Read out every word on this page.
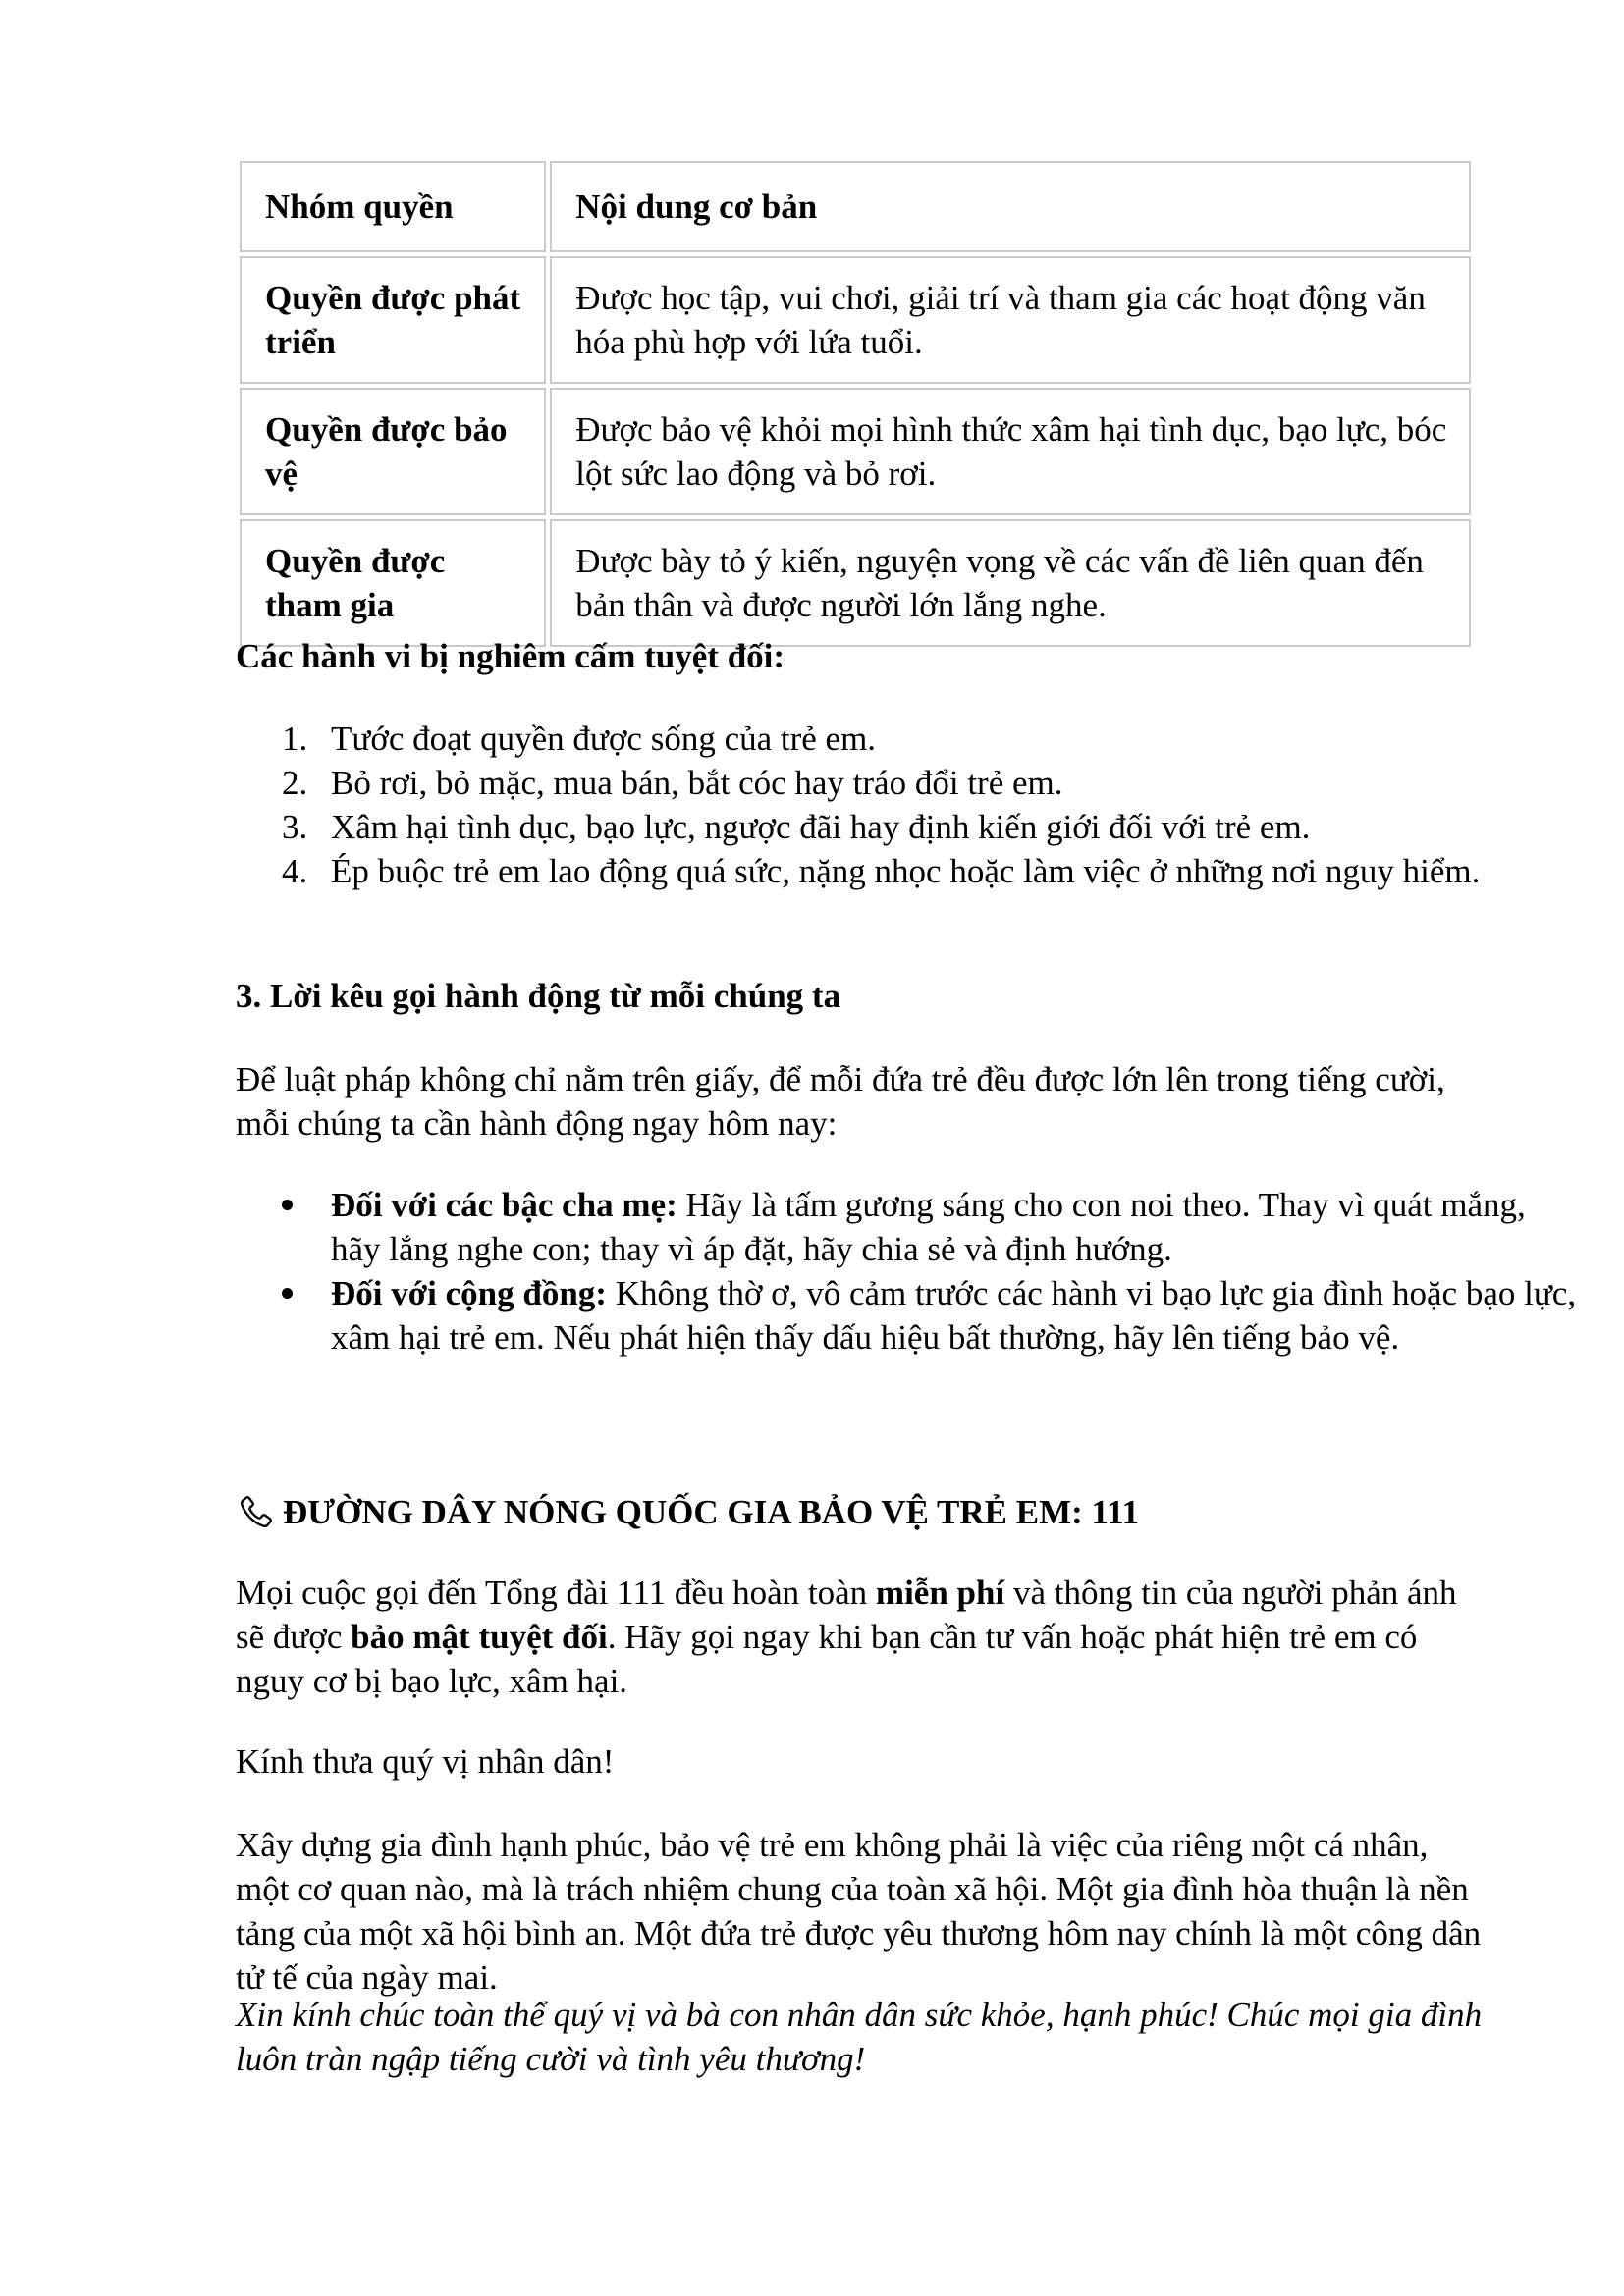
Nhóm quyền	Nội dung cơ bản
Quyền được phát triển	Được học tập, vui chơi, giải trí và tham gia các hoạt động văn hóa phù hợp với lứa tuổi.
Quyền được bảo vệ	Được bảo vệ khỏi mọi hình thức xâm hại tình dục, bạo lực, bóc lột sức lao động và bỏ rơi.
Quyền được tham gia	Được bày tỏ ý kiến, nguyện vọng về các vấn đề liên quan đến bản thân và được người lớn lắng nghe.
Các hành vi bị nghiêm cấm tuyệt đối:
Tước đoạt quyền được sống của trẻ em.
Bỏ rơi, bỏ mặc, mua bán, bắt cóc hay tráo đổi trẻ em.
Xâm hại tình dục, bạo lực, ngược đãi hay định kiến giới đối với trẻ em.
Ép buộc trẻ em lao động quá sức, nặng nhọc hoặc làm việc ở những nơi nguy hiểm.
3. Lời kêu gọi hành động từ mỗi chúng ta
Để luật pháp không chỉ nằm trên giấy, để mỗi đứa trẻ đều được lớn lên trong tiếng cười, mỗi chúng ta cần hành động ngay hôm nay:
Đối với các bậc cha mẹ: Hãy là tấm gương sáng cho con noi theo. Thay vì quát mắng, hãy lắng nghe con; thay vì áp đặt, hãy chia sẻ và định hướng.
Đối với cộng đồng: Không thờ ơ, vô cảm trước các hành vi bạo lực gia đình hoặc bạo lực, xâm hại trẻ em. Nếu phát hiện thấy dấu hiệu bất thường, hãy lên tiếng bảo vệ.
ĐƯỜNG DÂY NÓNG QUỐC GIA BẢO VỆ TRẺ EM: 111
Mọi cuộc gọi đến Tổng đài 111 đều hoàn toàn miễn phí và thông tin của người phản ánh sẽ được bảo mật tuyệt đối. Hãy gọi ngay khi bạn cần tư vấn hoặc phát hiện trẻ em có nguy cơ bị bạo lực, xâm hại.
Kính thưa quý vị nhân dân!
Xây dựng gia đình hạnh phúc, bảo vệ trẻ em không phải là việc của riêng một cá nhân, một cơ quan nào, mà là trách nhiệm chung của toàn xã hội. Một gia đình hòa thuận là nền tảng của một xã hội bình an. Một đứa trẻ được yêu thương hôm nay chính là một công dân tử tế của ngày mai.
Xin kính chúc toàn thể quý vị và bà con nhân dân sức khỏe, hạnh phúc! Chúc mọi gia đình luôn tràn ngập tiếng cười và tình yêu thương!
